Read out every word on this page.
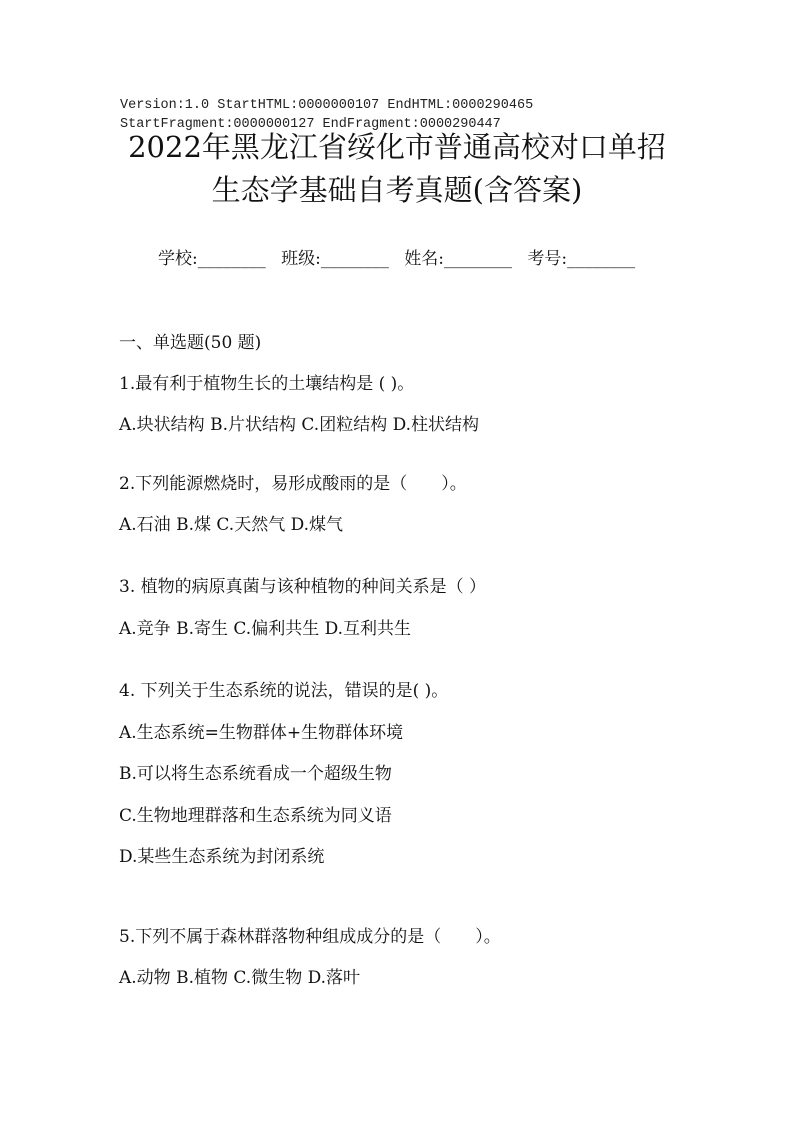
Version:1.0 StartHTML:0000000107 EndHTML:0000290465
StartFragment:0000000127 EndFragment:0000290447
2022年黑龙江省绥化市普通高校对口单招
生态学基础自考真题(含答案)
学校:________ 班级:________ 姓名:________ 考号:________
一、单选题(50 题)
1.最有利于植物生长的土壤结构是 ( )。
A.块状结构 B.片状结构 C.团粒结构 D.柱状结构
2.下列能源燃烧时，易形成酸雨的是（　　）。
A.石油 B.煤 C.天然气 D.煤气
3. 植物的病原真菌与该种植物的种间关系是（ ）
A.竞争 B.寄生 C.偏利共生 D.互利共生
4. 下列关于生态系统的说法，错误的是( )。
A.生态系统=生物群体+生物群体环境
B.可以将生态系统看成一个超级生物
C.生物地理群落和生态系统为同义语
D.某些生态系统为封闭系统
5.下列不属于森林群落物种组成成分的是（　　）。
A.动物 B.植物 C.微生物 D.落叶
